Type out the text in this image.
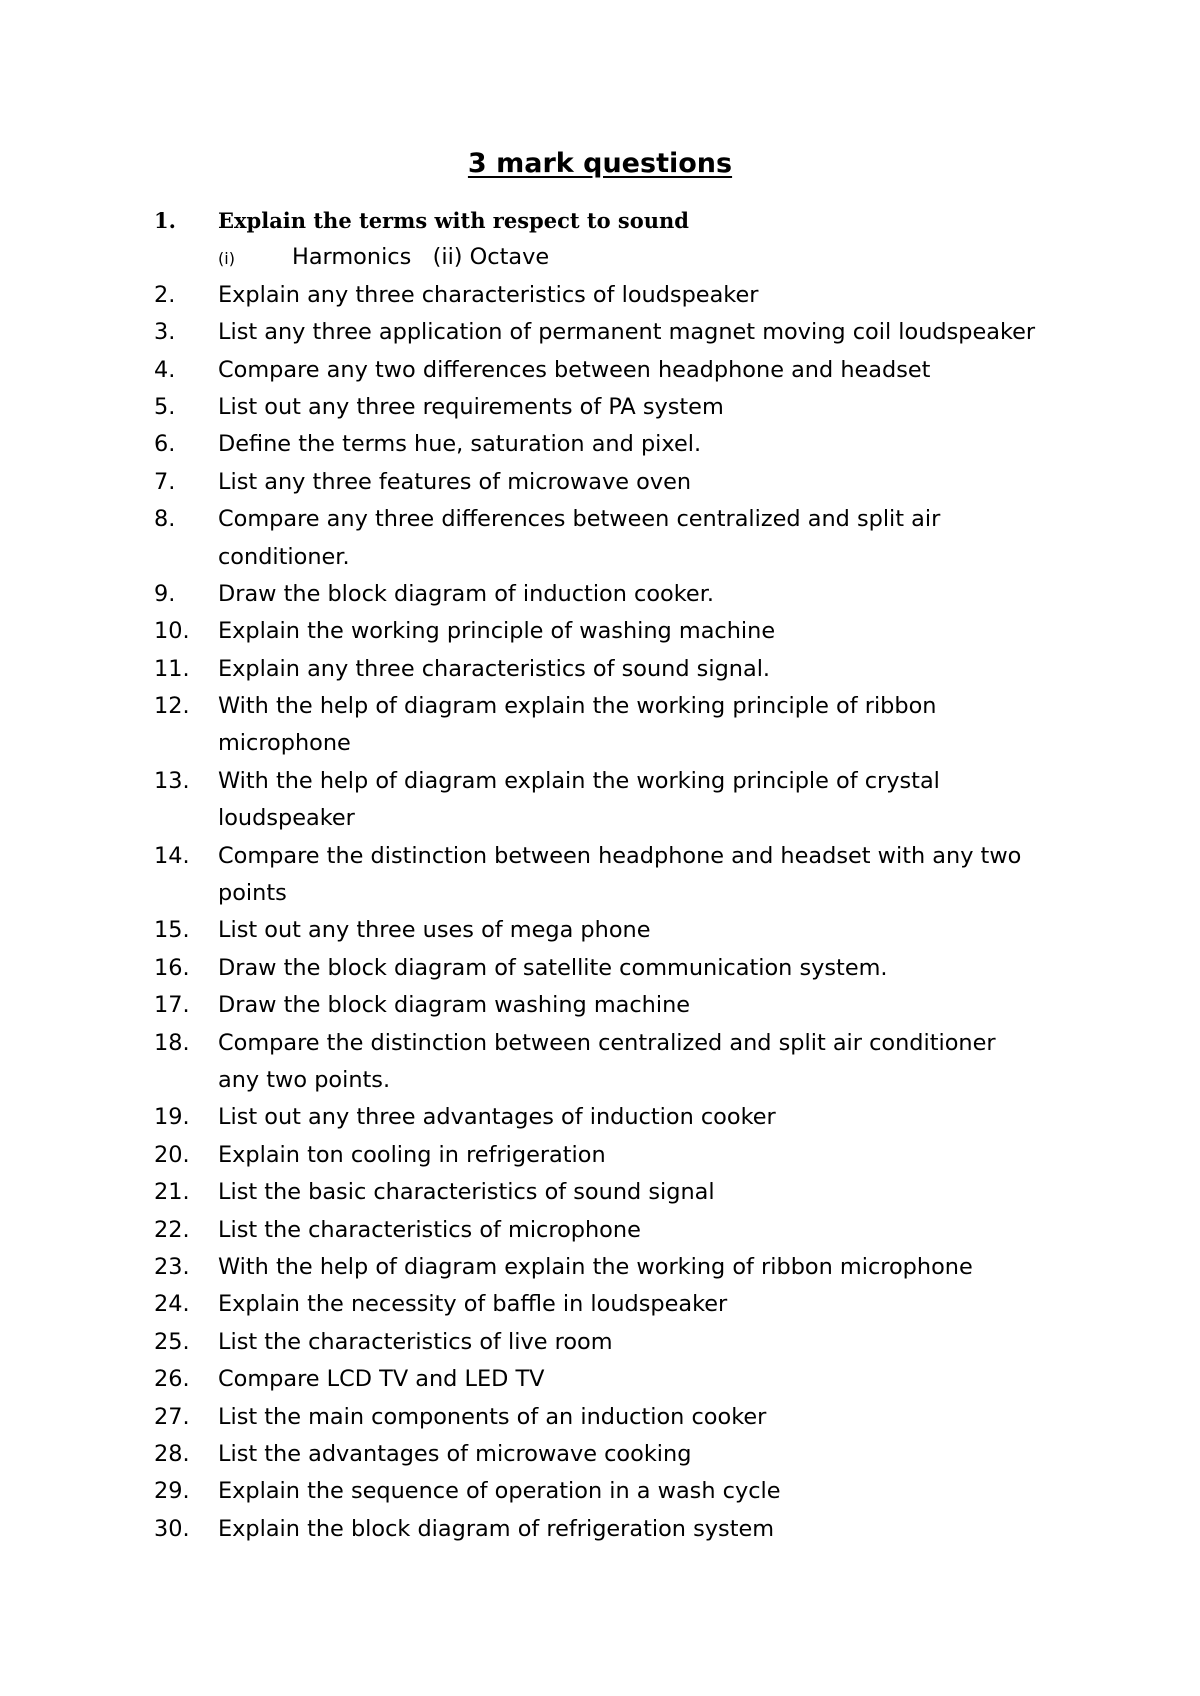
3 mark questions
1. Explain the terms with respect to sound
(i)	Harmonics   (ii) Octave
2. Explain any three characteristics of loudspeaker
3. List any three application of permanent magnet moving coil loudspeaker
4. Compare any two differences between headphone and headset
5. List out any three requirements of PA system
6. Define the terms hue, saturation and pixel.
7. List any three features of microwave oven
8. Compare any three differences between centralized and split air
conditioner.
9. Draw the block diagram of induction cooker.
10. Explain the working principle of washing machine
11. Explain any three characteristics of sound signal.
12. With the help of diagram explain the working principle of ribbon
microphone
13. With the help of diagram explain the working principle of crystal
loudspeaker
14. Compare the distinction between headphone and headset with any two
points
15. List out any three uses of mega phone
16. Draw the block diagram of satellite communication system.
17. Draw the block diagram washing machine
18. Compare the distinction between centralized and split air conditioner
any two points.
19. List out any three advantages of induction cooker
20. Explain ton cooling in refrigeration
21. List the basic characteristics of sound signal
22. List the characteristics of microphone
23. With the help of diagram explain the working of ribbon microphone
24. Explain the necessity of baffle in loudspeaker
25. List the characteristics of live room
26. Compare LCD TV and LED TV
27. List the main components of an induction cooker
28. List the advantages of microwave cooking
29. Explain the sequence of operation in a wash cycle
30. Explain the block diagram of refrigeration system
